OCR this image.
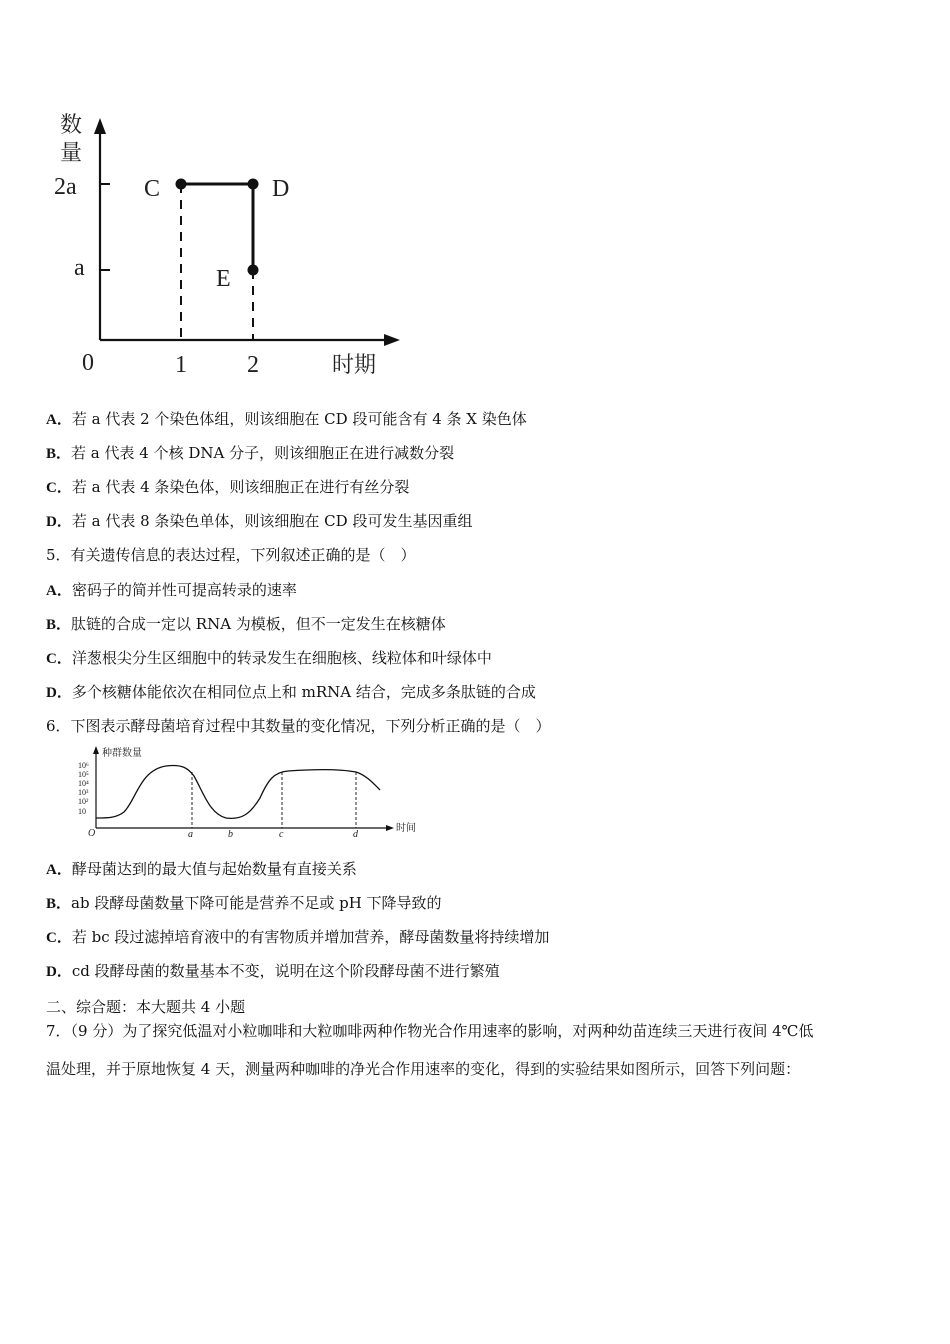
数
量
2a
a
0	1	2	时期
C	D
E
A．若 a 代表 2 个染色体组，则该细胞在 CD 段可能含有 4 条 X 染色体
B．若 a 代表 4 个核 DNA 分子，则该细胞正在进行减数分裂
C．若 a 代表 4 条染色体，则该细胞正在进行有丝分裂
D．若 a 代表 8 条染色单体，则该细胞在 CD 段可发生基因重组
5．有关遗传信息的表达过程，下列叙述正确的是（　）
A．密码子的简并性可提高转录的速率
B．肽链的合成一定以 RNA 为模板，但不一定发生在核糖体
C．洋葱根尖分生区细胞中的转录发生在细胞核、线粒体和叶绿体中
D．多个核糖体能依次在相同位点上和 mRNA 结合，完成多条肽链的合成
6．下图表示酵母菌培育过程中其数量的变化情况，下列分析正确的是（　）
种群数量
时间
O
10⁶
10⁵
10⁴
10³
10²
10
a	b	c	d
A．酵母菌达到的最大值与起始数量有直接关系
B．ab 段酵母菌数量下降可能是营养不足或 pH 下降导致的
C．若 bc 段过滤掉培育液中的有害物质并增加营养，酵母菌数量将持续增加
D．cd 段酵母菌的数量基本不变，说明在这个阶段酵母菌不进行繁殖
二、综合题：本大题共 4 小题
7．（9 分）为了探究低温对小粒咖啡和大粒咖啡两种作物光合作用速率的影响，对两种幼苗连续三天进行夜间 4℃低
温处理，并于原地恢复 4 天，测量两种咖啡的净光合作用速率的变化，得到的实验结果如图所示，回答下列问题：
